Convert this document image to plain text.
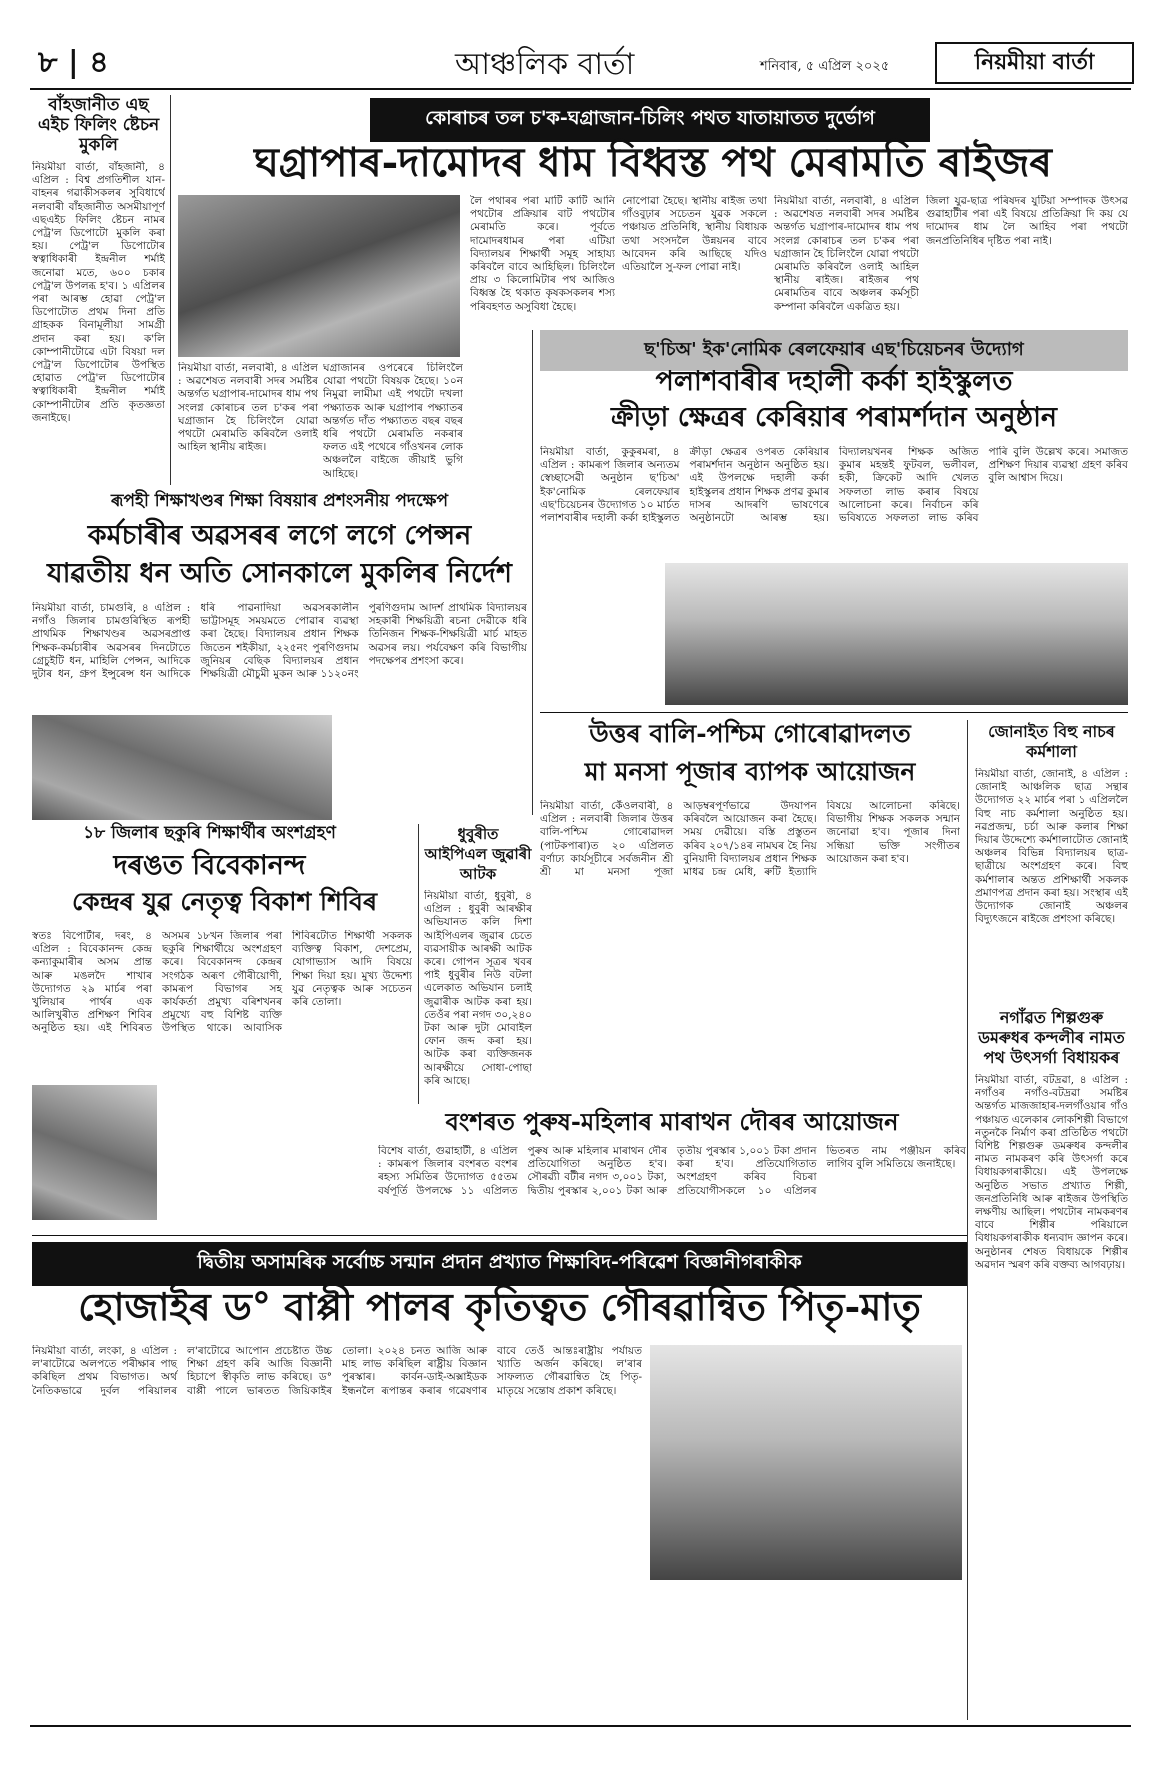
৮ | ৪	আঞ্চলিক বাৰ্তা	শনিবাৰ, ৫ এপ্ৰিল ২০২৫	নিয়মীয়া বাৰ্তা
বাঁহজানীত এছ এইচ ফিলিং ষ্টেচন মুকলি
নিয়মীয়া বাৰ্তা, বাঁহজানী, ৪ এপ্ৰিল : বিশ্ব প্ৰগতিশীল যান-বাহনৰ গৱাকীসকলৰ সুবিধাৰ্থে নলবাৰী বাঁহজানীত অসমীয়াপূৰ্ণ এছএইচ ফিলিং ষ্টেচন নামৰ পেট্ৰ'ল ডিপোটো মুকলি কৰা হয়। পেট্ৰ'ল ডিপোটোৰ স্বত্বাধিকাৰী ইন্দ্ৰনীল শৰ্মাই জনোৱা মতে, ৬০০ চকাৰ পেট্ৰ'ল উপলব্ধ হ'ব। ১ এপ্ৰিলৰ পৰা আৰম্ভ হোৱা পেট্ৰ'ল ডিপোটোত প্ৰথম দিনা প্ৰতি গ্ৰাহকক বিনামূলীয়া সামগ্ৰী প্ৰদান কৰা হয়। ক'লি কোম্পানীটোৱে এটা বিষয়া দল পেট্ৰ'ল ডিপোটোৰ উপস্থিত হোৱাত পেট্ৰ'ল ডিপোটোৰ স্বত্বাধিকাৰী ইন্দ্ৰনীল শৰ্মাই কোম্পানীটোৰ প্ৰতি কৃতজ্ঞতা জনাইছে।
কোৰাচৰ তল চ'ক-ঘগ্ৰাজান-চিলিং পথত যাতায়াতত দুৰ্ভোগ
ঘগ্ৰাপাৰ-দামোদৰ ধাম বিধ্বস্ত পথ মেৰামতি ৰাইজৰ
নিয়মীয়া বাৰ্তা, নলবাৰী, ৪ এপ্ৰিল : অৱশেষত নলবাৰী সদৰ সমষ্টিৰ অন্তৰ্গত ঘগ্ৰাপাৰ-দামোদৰ ধাম পথ সংলগ্ন কোৰাচৰ তল চ'কৰ পৰা ঘগ্ৰাজান হৈ চিলিংলৈ যোৱা পথটো মেৰামতি কৰিবলৈ ওলাই আহিল স্থানীয় ৰাইজ।
ঘগ্ৰাজানৰ ওপৰেৰে চিলিংলৈ যোৱা পথটো বিষয়ক হৈছে। ১০ন নিমুৱা লামীমা এই পথটো দখলা পক্ষ্যাতক আৰু ঘগ্ৰাপাৰ পক্ষ্যাতৰ অন্তৰ্গত দাঁত পক্ষ্যাতত বছৰ বছৰ ধৰি পথটো মেৰামতি নকৰাৰ ফলত এই পথেৰে গাঁওখনৰ লোক অঞ্চললৈ বাইজে জীয়াই ভুগি আহিছে।
লৈ পথাৰৰ পৰা মাটি কাটি আনি পথটোৰ প্ৰক্ৰিয়াৰ বাট পথটোৰ মেৰামতি কৰে। পূৰ্বতে দামোদৰধামৰ পৰা এটিয়া বিদ্যালয়ৰ শিক্ষাৰ্থী সমূহ সাহায্য কৰিবলৈ বাবে আহিছিল। চিলিংলৈ প্ৰায় ৩ কিলোমিটাৰ পথ আজিও বিধ্বস্ত হৈ থকাত কৃষকসকলৰ শস্য পৰিবহণত অসুবিধা হৈছে।
নোপোৱা হৈছে। স্থানীয় ৰাইজ তথা গাঁওবুঢ়াৰ সচেতন যুৱক সকলে পঞ্চায়ত প্ৰতিনিধি, স্থানীয় বিধায়ক তথা সংসদলৈ উন্নয়নৰ বাবে আবেদন কৰি আছিছে যদিও এতিয়ালৈ সু-ফল পোৱা নাই।
নিয়মীয়া বাৰ্তা, নলবাৰী, ৪ এপ্ৰিল : অৱশেষত নলবাৰী সদৰ সমষ্টিৰ অন্তৰ্গত ঘগ্ৰাপাৰ-দামোদৰ ধাম পথ সংলগ্ন কোৰাচৰ তল চ'কৰ পৰা ঘগ্ৰাজান হৈ চিলিংলৈ যোৱা পথটো মেৰামতি কৰিবলৈ ওলাই আহিল স্থানীয় ৰাইজ। ৰাইজৰ পথ মেৰামতিৰ বাবে অঞ্চলৰ কৰ্মসূচী কম্পানা কৰিবলৈ একত্ৰিত হয়।
জিলা যুৱ-ছাত্ৰ পৰিষদৰ যুটিয়া সম্পাদক উৎসৱ গুৱাহাটীৰ পৰা এই বিষয়ে প্ৰতিক্ৰিয়া দি কয় যে দামোদৰ ধাম লৈ আহিব পৰা পথটো জনপ্ৰতিনিধিৰ দৃষ্টিত পৰা নাই।
ৰূপহী শিক্ষাখণ্ডৰ শিক্ষা বিষয়াৰ প্ৰশংসনীয় পদক্ষেপ
কৰ্মচাৰীৰ অৱসৰৰ লগে লগে পেন্সন
যাৱতীয় ধন অতি সোনকালে মুকলিৰ নিৰ্দেশ
নিয়মীয়া বাৰ্তা, চামগুৰি, ৪ এপ্ৰিল : নগাঁও জিলাৰ চামগুৰিস্থিত ৰূপহী প্ৰাথমিক শিক্ষাখণ্ডৰ অৱসৰপ্ৰাপ্ত শিক্ষক-কৰ্মচাৰীৰ অৱসৰৰ দিনটোতে গ্ৰেচুইটি ধন, মাহিলি পেন্সন, আদিকে দুটাৰ ধন, গ্ৰুপ ইন্সুৰেন্স ধন আদিকে ধৰি পাৱনাদিয়া অৱসৰকালীন ভাট্টাসমূহ সময়মতে পোৱাৰ ব্যৱস্থা কৰা হৈছে। বিদ্যালয়ৰ প্ৰধান শিক্ষক জিতেন শইকীয়া, ২২৫নং পুৰণিগুদাম জুনিয়ৰ বেছিক বিদ্যালয়ৰ প্ৰধান শিক্ষয়িত্ৰী মৌচুমী মুকন আৰু ১১২০নং পুৰণিগুদাম আদৰ্শ প্ৰাথমিক বিদ্যালয়ৰ সহকাৰী শিক্ষয়িত্ৰী ৰচনা দেৱীকে ধৰি তিনিজন শিক্ষক-শিক্ষয়িত্ৰী মাৰ্চ মাহত অৱসৰ লয়। পৰ্যবেক্ষণ কৰি বিভাগীয় পদক্ষেপৰ প্ৰশংসা কৰে।
ছ'চিঅ' ইক'নোমিক ৰেলফেয়াৰ এছ'চিয়েচনৰ উদ্যোগ
পলাশবাৰীৰ দহালী কৰ্কা হাইস্কুলত
ক্ৰীড়া ক্ষেত্ৰৰ কেৰিয়াৰ পৰামৰ্শদান অনুষ্ঠান
নিয়মীয়া বাৰ্তা, কুকুৰমৰা, ৪ এপ্ৰিল : কামৰূপ জিলাৰ অন্যতম স্বেচ্ছাসেৱী অনুষ্ঠান ছ'চিঅ' ইক'নোমিক ৰেলফেয়াৰ এছ'চিয়েচনৰ উদ্যোগত ১০ মাৰ্চত পলাশবাৰীৰ দহালী কৰ্কা হাইস্কুলত ক্ৰীড়া ক্ষেত্ৰৰ ওপৰত কেৰিয়াৰ পৰামৰ্শদান অনুষ্ঠান অনুষ্ঠিত হয়। এই উপলক্ষে দহালী কৰ্কা হাইস্কুলৰ প্ৰধান শিক্ষক প্ৰণৱ কুমাৰ দাসৰ আদৰণি ভাষণেৰে অনুষ্ঠানটো আৰম্ভ হয়। বিদ্যালয়খনৰ শিক্ষক অজিত কুমাৰ মহন্তই ফুটবল, ভলীবল, হকী, ক্ৰিকেট আদি খেলত সফলতা লাভ কৰাৰ বিষয়ে আলোচনা কৰে। নিৰ্বাচন কৰি ভবিষ্যতে সফলতা লাভ কৰিব পাৰি বুলি উল্লেখ কৰে। সমাজত প্ৰশিক্ষণ দিয়াৰ ব্যৱস্থা গ্ৰহণ কৰিব বুলি আশ্বাস দিয়ে।
উত্তৰ বালি-পশ্চিম গোৰোৱাদলত
মা মনসা পূজাৰ ব্যাপক আয়োজন
নিয়মীয়া বাৰ্তা, কেঁওলবাৰী, ৪ এপ্ৰিল : নলবাৰী জিলাৰ উত্তৰ বালি-পশ্চিম গোৰোৱাদল (পাটকপাৰা)ত ২০ এপ্ৰিলত বৰ্ণাঢ্য কাৰ্যসূচীৰে সৰ্বজনীন শ্ৰী শ্ৰী মা মনসা পূজা আড়ম্বৰপূৰ্ণভাৱে উদযাপন কৰিবলৈ আয়োজন কৰা হৈছে। সময় দেৱীয়ে। বস্তি প্ৰস্তুতন কৰিব ২০৭/১৪ৰ নামঘৰ হৈ নিয় বুনিয়াদী বিদ্যালয়ৰ প্ৰধান শিক্ষক মাধৱ চন্দ্ৰ মেধি, ৰুটি ইত্যাদি বিষয়ে আলোচনা কৰিছে। বিভাগীয় শিক্ষক সকলক সন্মান জনোৱা হ'ব। পূজাৰ দিনা সন্ধিয়া ভক্তি সংগীতৰ আয়োজন কৰা হ'ব।
জোনাইত বিহু নাচৰ কৰ্মশালা
নিয়মীয়া বাৰ্তা, জোনাই, ৪ এপ্ৰিল : জোনাই আঞ্চলিক ছাত্ৰ সন্থাৰ উদ্যোগত ২২ মাৰ্চৰ পৰা ১ এপ্ৰিললৈ বিহু নাচ কৰ্মশালা অনুষ্ঠিত হয়। নৱপ্ৰজন্ম, চৰ্চা আৰু কলাৰ শিক্ষা দিয়াৰ উদ্দেশ্যে কৰ্মশালাটোত জোনাই অঞ্চলৰ বিভিন্ন বিদ্যালয়ৰ ছাত্ৰ-ছাত্ৰীয়ে অংশগ্ৰহণ কৰে। বিহু কৰ্মশালাৰ অন্তত প্ৰশিক্ষাৰ্থী সকলক প্ৰমাণপত্ৰ প্ৰদান কৰা হয়। সংস্থাৰ এই উদ্যোগক জোনাই অঞ্চলৰ বিদ্যুৎজনে ৰাইজে প্ৰশংসা কৰিছে।
১৮ জিলাৰ ছকুৰি শিক্ষাৰ্থীৰ অংশগ্ৰহণ
দৰঙত বিবেকানন্দ
কেন্দ্ৰৰ যুৱ নেতৃত্ব বিকাশ শিবিৰ
স্বতঃ বিপোৰ্টাৰ, দৰং, ৪ এপ্ৰিল : বিবেকানন্দ কেন্দ্ৰ কন্যাকুমাৰীৰ অসম প্ৰান্ত আৰু মঙলদৈ শাখাৰ উদ্যোগত ২৯ মাৰ্চৰ পৰা খুলিয়াৰ পাৰ্থৰ এক আলিখুৰীত প্ৰশিক্ষণ শিবিৰ অনুষ্ঠিত হয়। এই শিবিৰত অসমৰ ১৮খন জিলাৰ পৰা ছকুৰি শিক্ষাৰ্থীয়ে অংশগ্ৰহণ কৰে। বিবেকানন্দ কেন্দ্ৰৰ সংগঠক অৰূণ গৌৰীয়োণী, কামৰূপ বিভাগৰ সহ কাৰ্যকৰ্তা প্ৰমুখ্য বৰিশখনৰ প্ৰমুখ্যে বহু বিশিষ্ট ব্যক্তি উপস্থিত থাকে। আবাসিক শিবিৰটোত শিক্ষাৰ্থী সকলক ব্যক্তিত্ব বিকাশ, দেশপ্ৰেম, যোগাভ্যাস আদি বিষয়ে শিক্ষা দিয়া হয়। মুখ্য উদ্দেশ্য যুৱ নেতৃত্বক আৰু সচেতন কৰি তোলা।
ধুবুৰীত আইপিএল জুৱাৰী আটক
নিয়মীয়া বাৰ্তা, ধুবুৰী, ৪ এপ্ৰিল : ধুবুৰী আৰক্ষীৰ অভিযানত কলি দিশা আইপিএলৰ জুৱাৰ চেতে ব্যৱসায়ীক আৰক্ষী আটক কৰে। গোপন সূত্ৰৰ খবৰ পাই ধুবুৰীৰ নিউ বটলা এলেকাত অভিযান চলাই জুৱাৰীক আটক কৰা হয়। তেওঁৰ পৰা নগদ ৩০,২৪০ টকা আৰু দুটা মোবাইল ফোন জব্দ কৰা হয়। আটক কৰা ব্যক্তিজনক আৰক্ষীয়ে সোধা-পোছা কৰি আছে।
নগাঁৱত শিল্পগুৰু ডমৰুধৰ কন্দলীৰ নামত পথ উৎসৰ্গা বিধায়কৰ
নিয়মীয়া বাৰ্তা, বটদ্ৰৱা, ৪ এপ্ৰিল : নগাঁওৰ নগাঁও-বটদ্ৰৱা সমষ্টিৰ অন্তৰ্গত মাজজাহাৰ-দলগাঁওয়াৰ গাঁও পঞ্চায়ত এলেকাৰ লোকশিল্পী বিভাগে নতুনকৈ নিৰ্মাণ কৰা প্ৰতিষ্ঠিত পথটো বিশিষ্ট শিল্পগুৰু ডমৰুধৰ কন্দলীৰ নামত নামকৰণ কৰি উৎসৰ্গা কৰে বিধায়কগৰাকীয়ে। এই উপলক্ষে অনুষ্ঠিত সভাত প্ৰখ্যাত শিল্পী, জনপ্ৰতিনিধি আৰু ৰাইজৰ উপস্থিতি লক্ষণীয় আছিল। পথটোৰ নামকৰণৰ বাবে শিল্পীৰ পৰিয়ালে বিধায়কগৰাকীক ধন্যবাদ জ্ঞাপন কৰে। অনুষ্ঠানৰ শেষত বিধায়কে শিল্পীৰ অৱদান স্মৰণ কৰি বক্তব্য আগবঢ়ায়।
বংশৰত পুৰুষ-মহিলাৰ মাৰাথন দৌৰৰ আয়োজন
বিশেষ বাৰ্তা, গুৱাহাটী, ৪ এপ্ৰিল : কামৰূপ জিলাৰ বংশৰত বংশৰ ৰহস্য সমিতিৰ উদ্যোগত ৫৫তম বৰ্ষপূৰ্তি উপলক্ষে ১১ এপ্ৰিলত পুৰুষ আৰু মহিলাৰ মাৰাথন দৌৰ প্ৰতিযোগিতা অনুষ্ঠিত হ'ব। সৌৰৱ্যী বটীৰ নগদ ৩,০০১ টকা, দ্বিতীয় পুৰস্কাৰ ২,০০১ টকা আৰু তৃতীয় পুৰস্কাৰ ১,০০১ টকা প্ৰদান কৰা হ'ব। প্ৰতিযোগিতাত অংশগ্ৰহণ কৰিব বিচৰা প্ৰতিযোগীসকলে ১০ এপ্ৰিলৰ ভিতৰত নাম পঞ্জীয়ন কৰিব লাগিব বুলি সমিতিয়ে জনাইছে।
দ্বিতীয় অসামৰিক সৰ্বোচ্চ সন্মান প্ৰদান প্ৰখ্যাত শিক্ষাবিদ-পৰিৱেশ বিজ্ঞানীগৰাকীক
হোজাইৰ ড° বাপ্পী পালৰ কৃতিত্বত গৌৰৱান্বিত পিতৃ-মাতৃ
নিয়মীয়া বাৰ্তা, লংকা, ৪ এপ্ৰিল : ল'ৰাটোৱে অলপতে পৰীক্ষাৰ পাছ কৰিছিল প্ৰথম বিভাগত। অৰ্থ নৈতিকভাৱে দুৰ্বল পৰিয়ালৰ ল'ৰাটোৱে আপোন প্ৰচেষ্টাত উচ্চ শিক্ষা গ্ৰহণ কৰি আজি বিজ্ঞানী হিচাপে স্বীকৃতি লাভ কৰিছে। ড° বাপ্পী পালে ভাৰতত জিয়িকাইৰ তোলা। ২০২৪ চনত আজি আৰু মাহ লাভ কৰিছিল ৰাষ্ট্ৰীয় বিজ্ঞান পুৰস্কাৰ। কাৰ্বন-ডাই-অক্সাইডক ইন্ধনলৈ ৰূপান্তৰ কৰাৰ গৱেষণাৰ বাবে তেওঁ আন্তঃৰাষ্ট্ৰীয় পৰ্যায়ত খ্যাতি অৰ্জন কৰিছে। ল'ৰাৰ সাফল্যত গৌৰৱান্বিত হৈ পিতৃ-মাতৃয়ে সন্তোষ প্ৰকাশ কৰিছে।
